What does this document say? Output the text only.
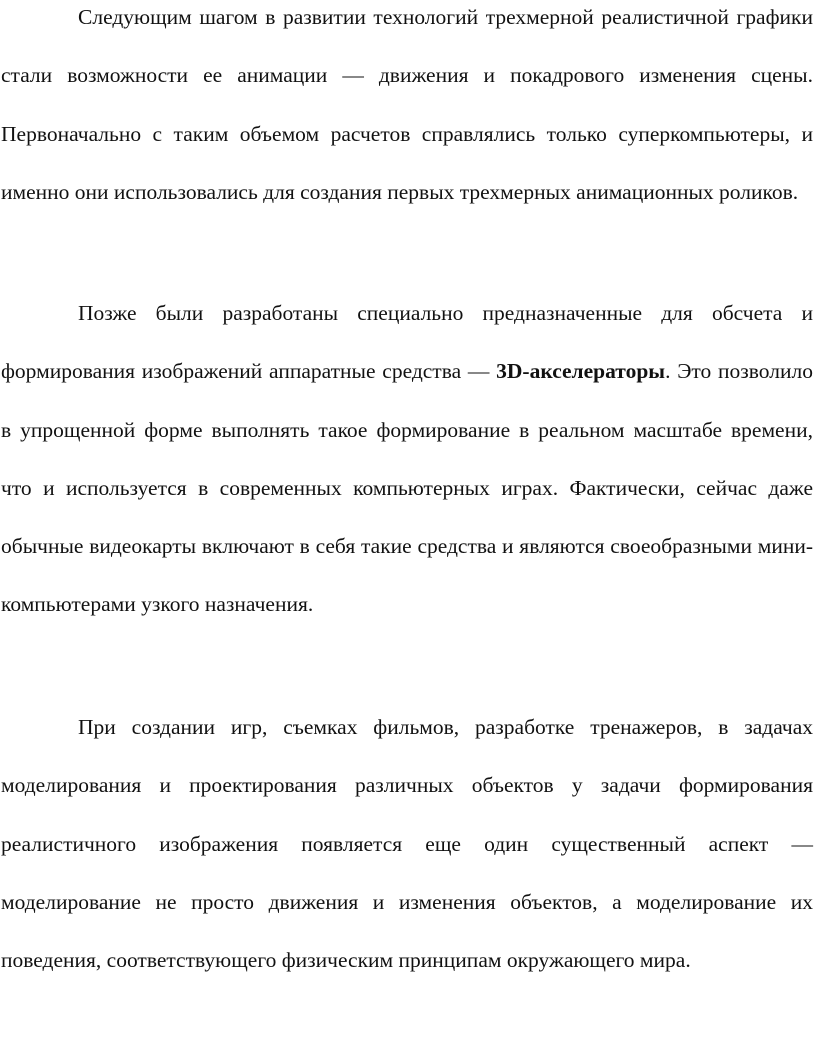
Следующим шагом в развитии технологий трехмерной реалистичной графики стали возможности ее анимации — движения и покадрового изменения сцены. Первоначально с таким объемом расчетов справлялись только суперкомпьютеры, и именно они использовались для создания первых трехмерных анимационных роликов.

Позже были разработаны специально предназначенные для обсчета и формирования изображений аппаратные средства — 3D-акселераторы. Это позволило в упрощенной форме выполнять такое формирование в реальном масштабе времени, что и используется в современных компьютерных играх. Фактически, сейчас даже обычные видеокарты включают в себя такие средства и являются своеобразными мини-компьютерами узкого назначения.

При создании игр, съемках фильмов, разработке тренажеров, в задачах моделирования и проектирования различных объектов у задачи формирования реалистичного изображения появляется еще один существенный аспект — моделирование не просто движения и изменения объектов, а моделирование их поведения, соответствующего физическим принципам окружающего мира.
